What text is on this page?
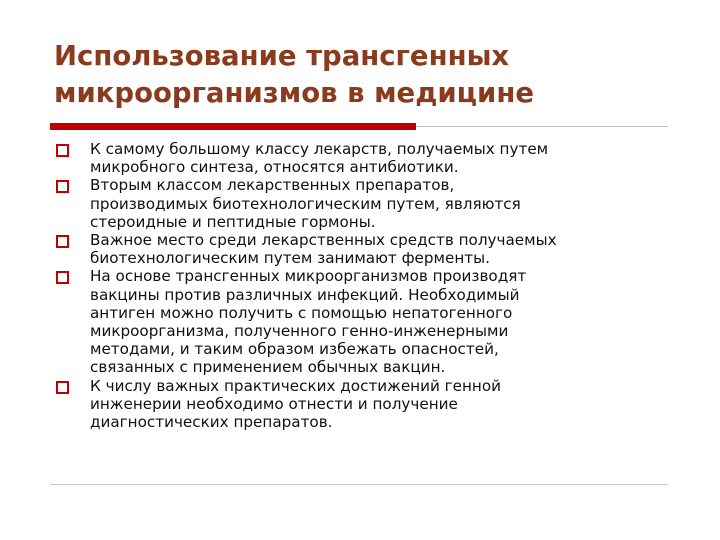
Использование трансгенных
микроорганизмов в медицине

К самому большому классу лекарств, получаемых путем
микробного синтеза, относятся антибиотики.

Вторым классом лекарственных препаратов,
производимых биотехнологическим путем, являются
стероидные и пептидные гормоны.

Важное место среди лекарственных средств получаемых
биотехнологическим путем занимают ферменты.

На основе трансгенных микроорганизмов производят
вакцины против различных инфекций. Необходимый
антиген можно получить с помощью непатогенного
микроорганизма, полученного генно-инженерными
методами, и таким образом избежать опасностей,
связанных с применением обычных вакцин.

К числу важных практических достижений генной
инженерии необходимо отнести и получение
диагностических препаратов.
